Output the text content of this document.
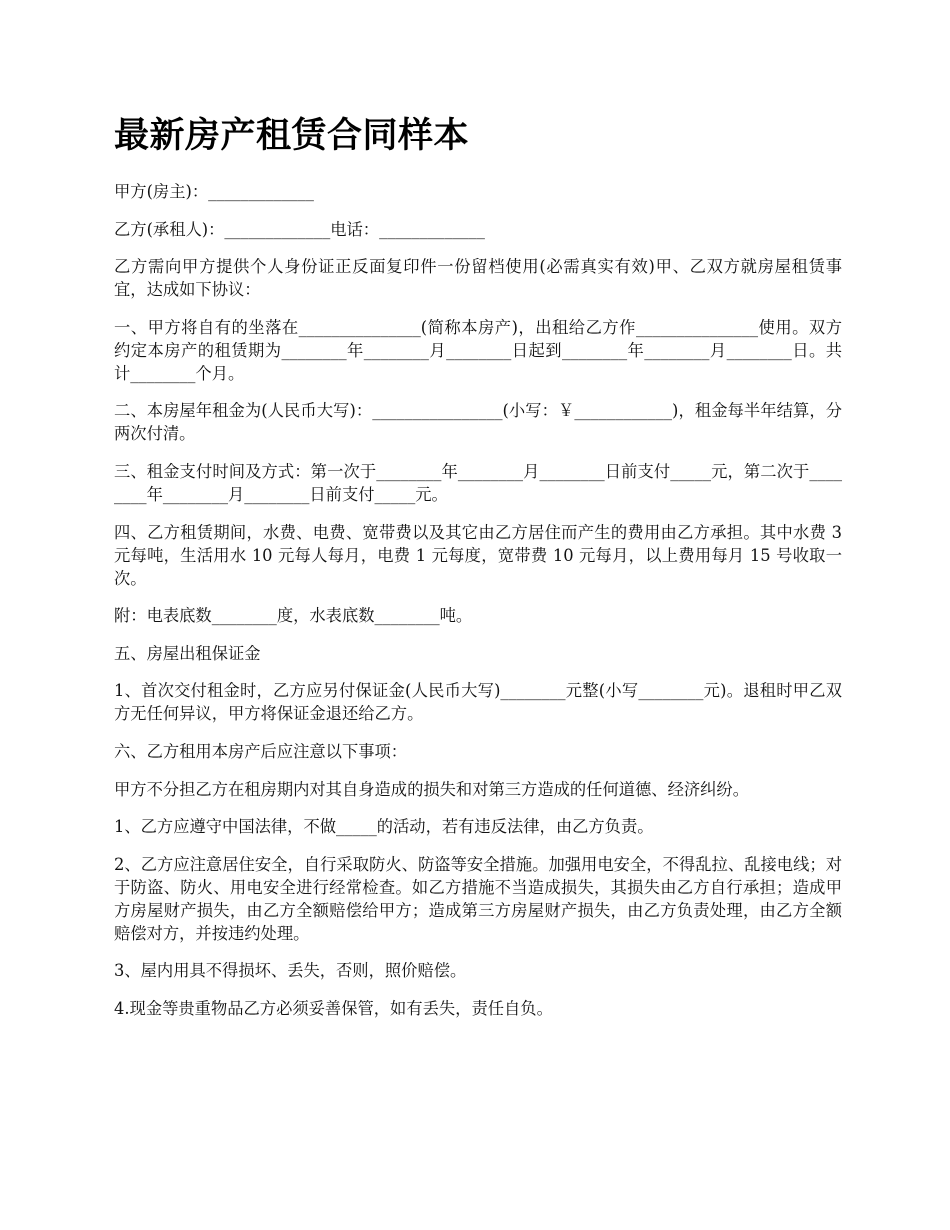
最新房产租赁合同样本

甲方(房主)：_____________

乙方(承租人)：_____________电话：_____________

乙方需向甲方提供个人身份证正反面复印件一份留档使用(必需真实有效)甲、乙双方就房屋租赁事宜，达成如下协议：

一、甲方将自有的坐落在_______________(简称本房产)，出租给乙方作_______________使用。双方约定本房产的租赁期为________年________月________日起到________年________月________日。共计________个月。

二、本房屋年租金为(人民币大写)：________________(小写：￥____________)，租金每半年结算，分两次付清。

三、租金支付时间及方式：第一次于________年________月________日前支付_____元，第二次于________年________月________日前支付_____元。

四、乙方租赁期间，水费、电费、宽带费以及其它由乙方居住而产生的费用由乙方承担。其中水费 3 元每吨，生活用水 10 元每人每月，电费 1 元每度，宽带费 10 元每月，以上费用每月 15 号收取一次。

附：电表底数________度，水表底数________吨。

五、房屋出租保证金

1、首次交付租金时，乙方应另付保证金(人民币大写)________元整(小写________元)。退租时甲乙双方无任何异议，甲方将保证金退还给乙方。

六、乙方租用本房产后应注意以下事项：

甲方不分担乙方在租房期内对其自身造成的损失和对第三方造成的任何道德、经济纠纷。

1、乙方应遵守中国法律，不做_____的活动，若有违反法律，由乙方负责。

2、乙方应注意居住安全，自行采取防火、防盗等安全措施。加强用电安全，不得乱拉、乱接电线；对于防盗、防火、用电安全进行经常检查。如乙方措施不当造成损失，其损失由乙方自行承担；造成甲方房屋财产损失，由乙方全额赔偿给甲方；造成第三方房屋财产损失，由乙方负责处理，由乙方全额赔偿对方，并按违约处理。

3、屋内用具不得损坏、丢失，否则，照价赔偿。

4.现金等贵重物品乙方必须妥善保管，如有丢失，责任自负。
